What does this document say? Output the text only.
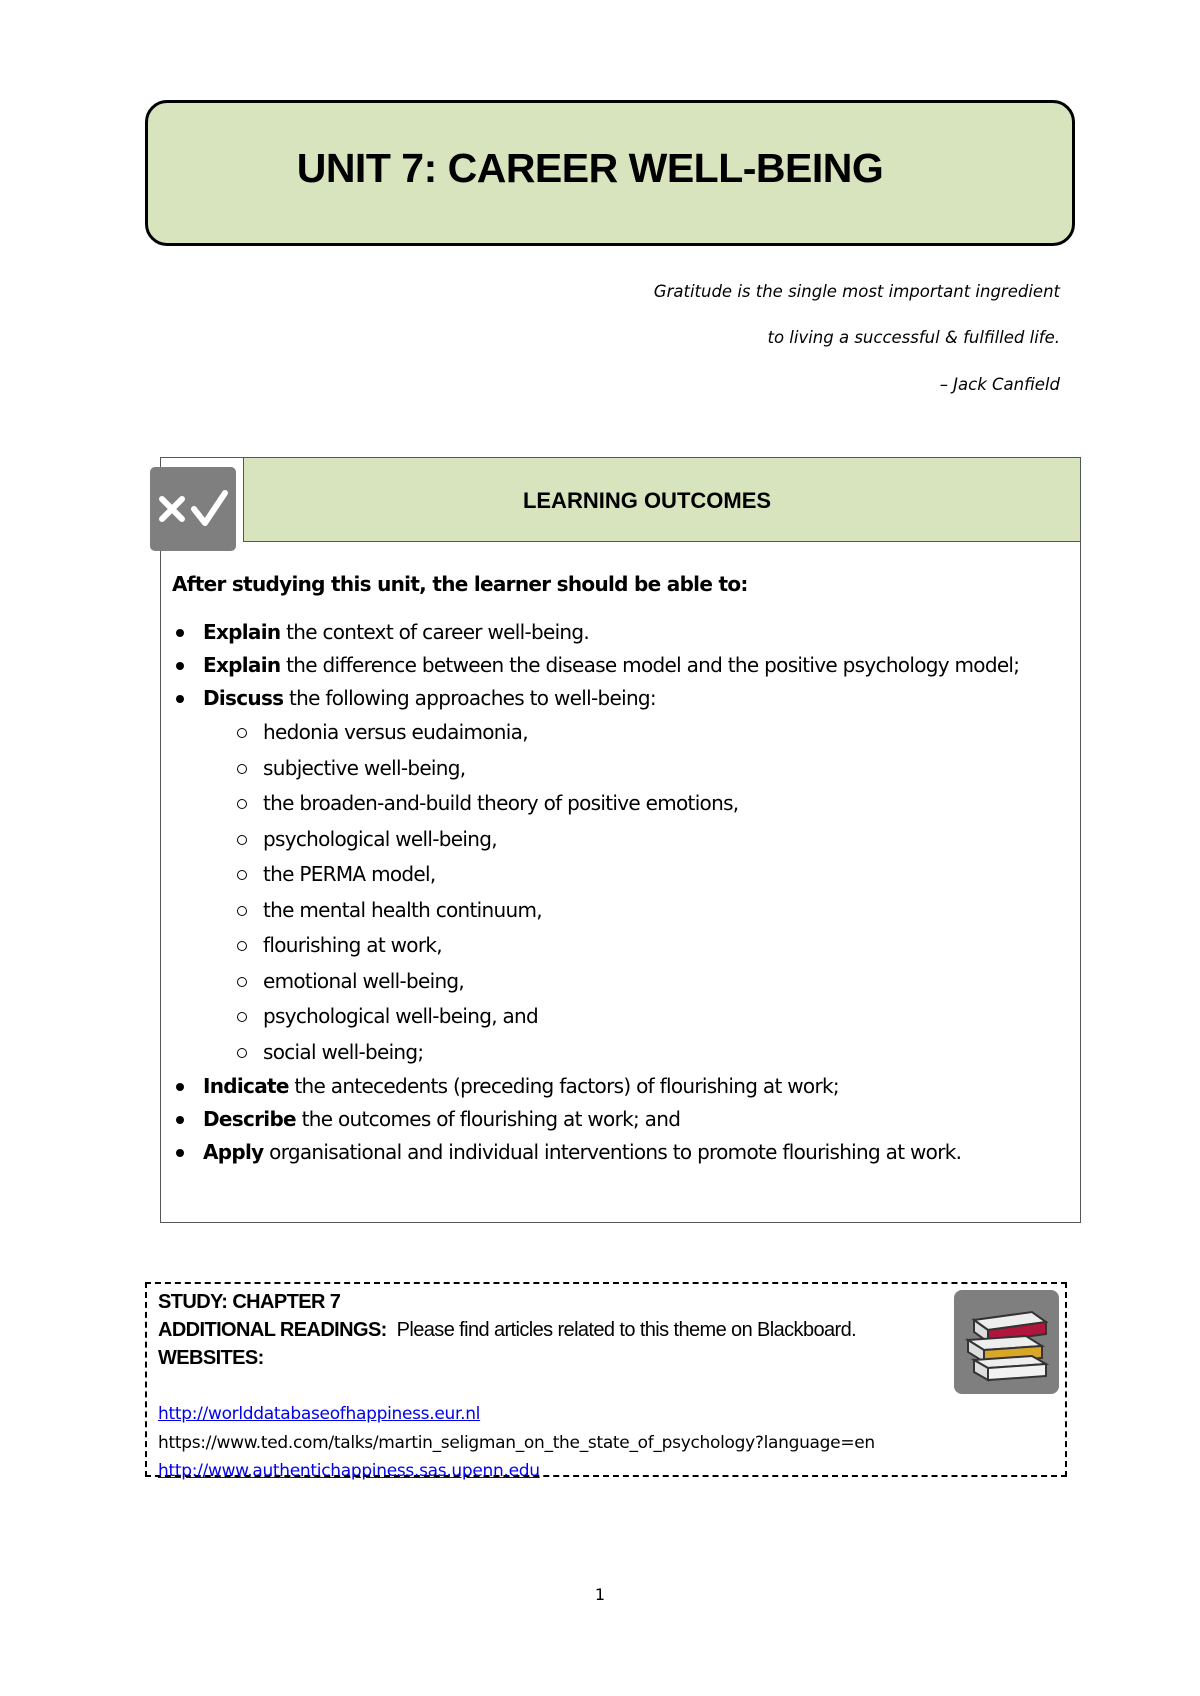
UNIT 7: CAREER WELL-BEING
Gratitude is the single most important ingredient
to living a successful & fulfilled life.
– Jack Canfield
LEARNING OUTCOMES
After studying this unit, the learner should be able to:
Explain the context of career well-being.
Explain the difference between the disease model and the positive psychology model;
Discuss the following approaches to well-being:
hedonia versus eudaimonia,
subjective well-being,
the broaden-and-build theory of positive emotions,
psychological well-being,
the PERMA model,
the mental health continuum,
flourishing at work,
emotional well-being,
psychological well-being, and
social well-being;
Indicate the antecedents (preceding factors) of flourishing at work;
Describe the outcomes of flourishing at work; and
Apply organisational and individual interventions to promote flourishing at work.
STUDY: CHAPTER 7
ADDITIONAL READINGS:  Please find articles related to this theme on Blackboard.
WEBSITES:

http://worlddatabaseofhappiness.eur.nl
https://www.ted.com/talks/martin_seligman_on_the_state_of_psychology?language=en
http://www.authentichappiness.sas.upenn.edu
1
